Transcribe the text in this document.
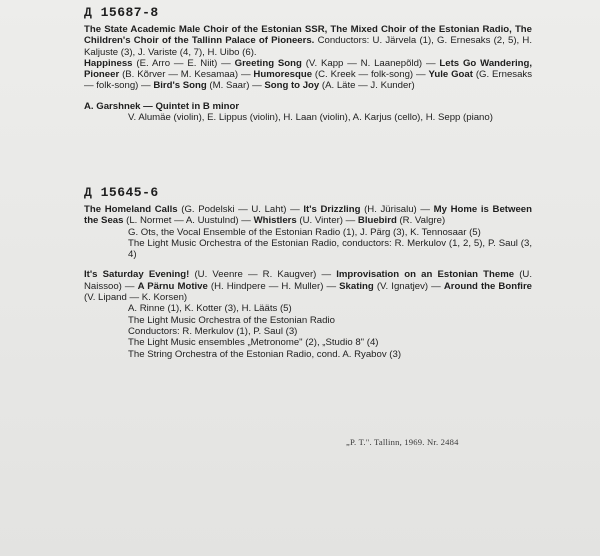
Д 15687-8

The State Academic Male Choir of the Estonian SSR, The Mixed Choir of the Estonian Radio, The Children's Choir of the Tallinn Palace of Pioneers. Conductors: U. Järvela (1), G. Ernesaks (2, 5), H. Kaljuste (3), J. Variste (4, 7), H. Uibo (6).

Happiness (E. Arro — E. Niit) — Greeting Song (V. Kapp — N. Laanepõld) — Lets Go Wandering, Pioneer (B. Kõrver — M. Kesamaa) — Humoresque (C. Kreek — folk-song) — Yule Goat (G. Ernesaks — folk-song) — Bird's Song (M. Saar) — Song to Joy (A. Läte — J. Kunder)

A. Garshnek — Quintet in B minor

V. Alumäe (violin), E. Lippus (violin), H. Laan (violin), A. Karjus (cello), H. Sepp (piano)

Д 15645-6

The Homeland Calls (G. Podelski — U. Laht) — It's Drizzling (H. Jürisalu) — My Home is Between the Seas (L. Normet — A. Uustulnd) — Whistlers (U. Vinter) — Bluebird (R. Valgre)

G. Ots, the Vocal Ensemble of the Estonian Radio (1), J. Pärg (3), K. Tennosaar (5)

The Light Music Orchestra of the Estonian Radio, conductors: R. Merkulov (1, 2, 5), P. Saul (3, 4)

It's Saturday Evening! (U. Veenre — R. Kaugver) — Improvisation on an Estonian Theme (U. Naissoo) — A Pärnu Motive (H. Hindpere — H. Muller) — Skating (V. Ignatjev) — Around the Bonfire (V. Lipand — K. Korsen)

A. Rinne (1), K. Kotter (3), H. Lääts (5)

The Light Music Orchestra of the Estonian Radio

Conductors: R. Merkulov (1), P. Saul (3)

The Light Music ensembles „Metronome" (2), „Studio 8" (4)

The String Orchestra of the Estonian Radio, cond. A. Ryabov (3)

„P. T.". Tallinn, 1969. Nr. 2484
